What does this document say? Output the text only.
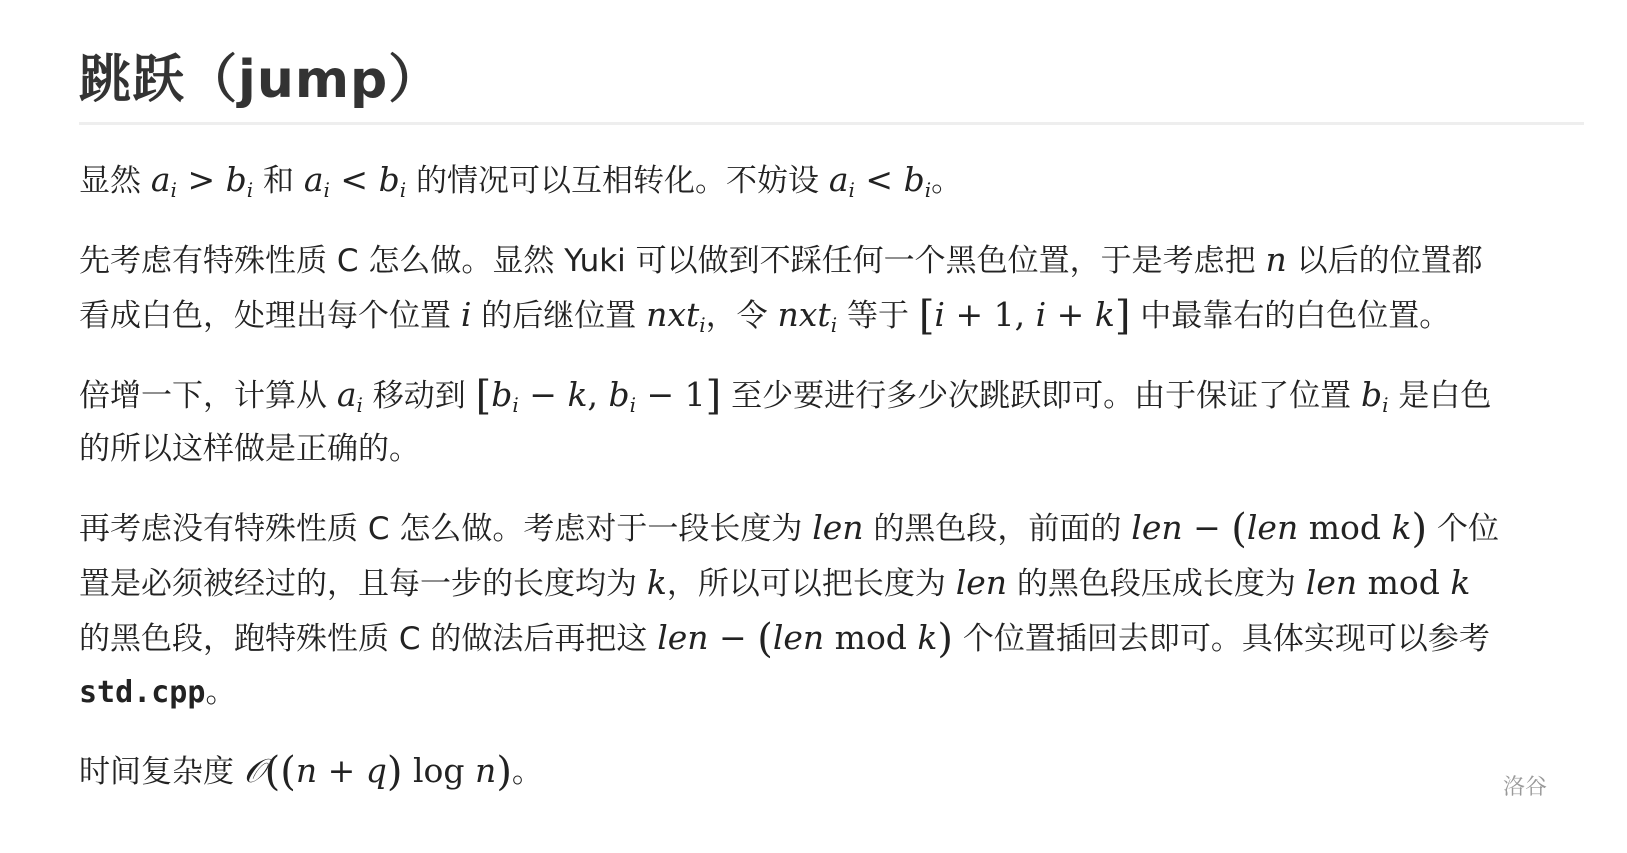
跳跃（jump）

显然 $a_i > b_i$ 和 $a_i < b_i$ 的情况可以互相转化。不妨设 $a_i < b_i$。

先考虑有特殊性质 C 怎么做。显然 Yuki 可以做到不踩任何一个黑色位置，于是考虑把 n 以后的位置都
看成白色，处理出每个位置 i 的后继位置 nxt$_i$，令 nxt$_i$ 等于 [i + 1, i + k] 中最靠右的白色位置。

倍增一下，计算从 $a_i$ 移动到 [$b_i - k$, $b_i - 1$] 至少要进行多少次跳跃即可。由于保证了位置 $b_i$ 是白色
的所以这样做是正确的。

再考虑没有特殊性质 C 怎么做。考虑对于一段长度为 len 的黑色段，前面的 len − (len mod k) 个位
置是必须被经过的，且每一步的长度均为 k，所以可以把长度为 len 的黑色段压成长度为 len mod k
的黑色段，跑特殊性质 C 的做法后再把这 len − (len mod k) 个位置插回去即可。具体实现可以参考
std.cpp。

时间复杂度 𝒪((n + q) log n)。	洛谷
